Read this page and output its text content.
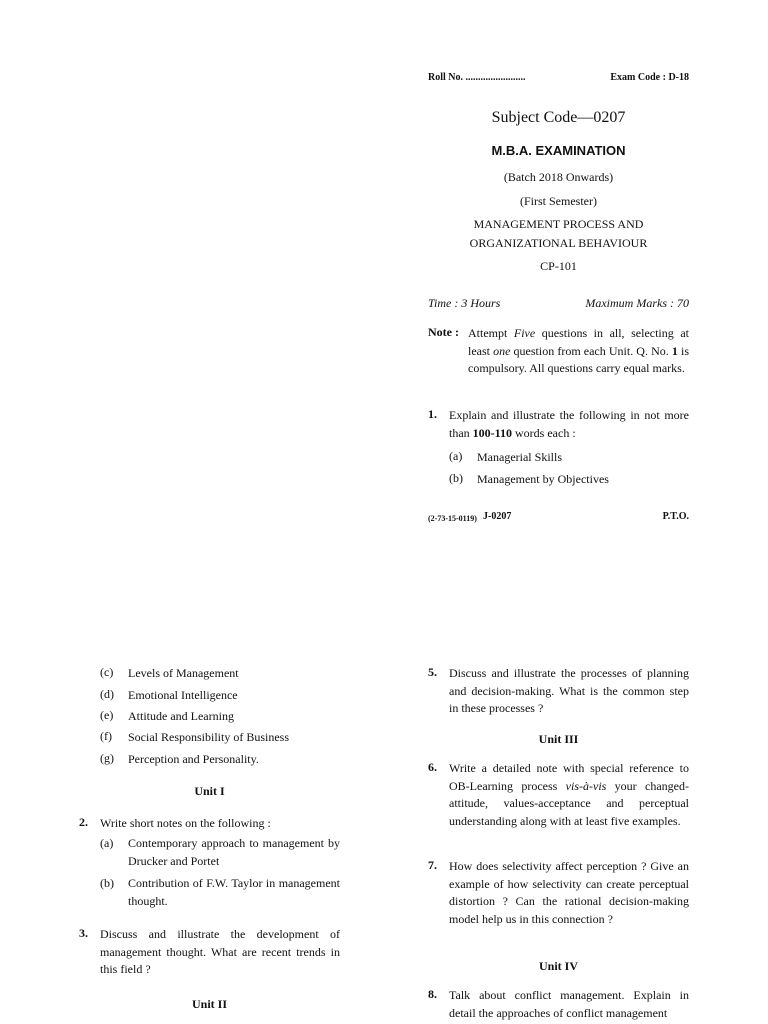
Roll No. ........................	Exam Code : D-18
Subject Code—0207
M.B.A. EXAMINATION
(Batch 2018 Onwards)
(First Semester)
MANAGEMENT PROCESS AND
ORGANIZATIONAL BEHAVIOUR
CP-101
Time : 3 Hours	Maximum Marks : 70
Note : Attempt Five questions in all, selecting at least one question from each Unit. Q. No. 1 is compulsory. All questions carry equal marks.
1. Explain and illustrate the following in not more than 100-110 words each :
(a) Managerial Skills
(b) Management by Objectives
(2-73-15-0119) J-0207	P.T.O.
(c) Levels of Management
(d) Emotional Intelligence
(e) Attitude and Learning
(f) Social Responsibility of Business
(g) Perception and Personality.
Unit I
2. Write short notes on the following :
(a) Contemporary approach to management by Drucker and Portet
(b) Contribution of F.W. Taylor in management thought.
3. Discuss and illustrate the development of management thought. What are recent trends in this field ?
Unit II
5. Discuss and illustrate the processes of planning and decision-making. What is the common step in these processes ?
Unit III
6. Write a detailed note with special reference to OB-Learning process vis-à-vis your changed-attitude, values-acceptance and perceptual understanding along with at least five examples.
7. How does selectivity affect perception ? Give an example of how selectivity can create perceptual distortion ? Can the rational decision-making model help us in this connection ?
Unit IV
8. Talk about conflict management. Explain in detail the approaches of conflict management
